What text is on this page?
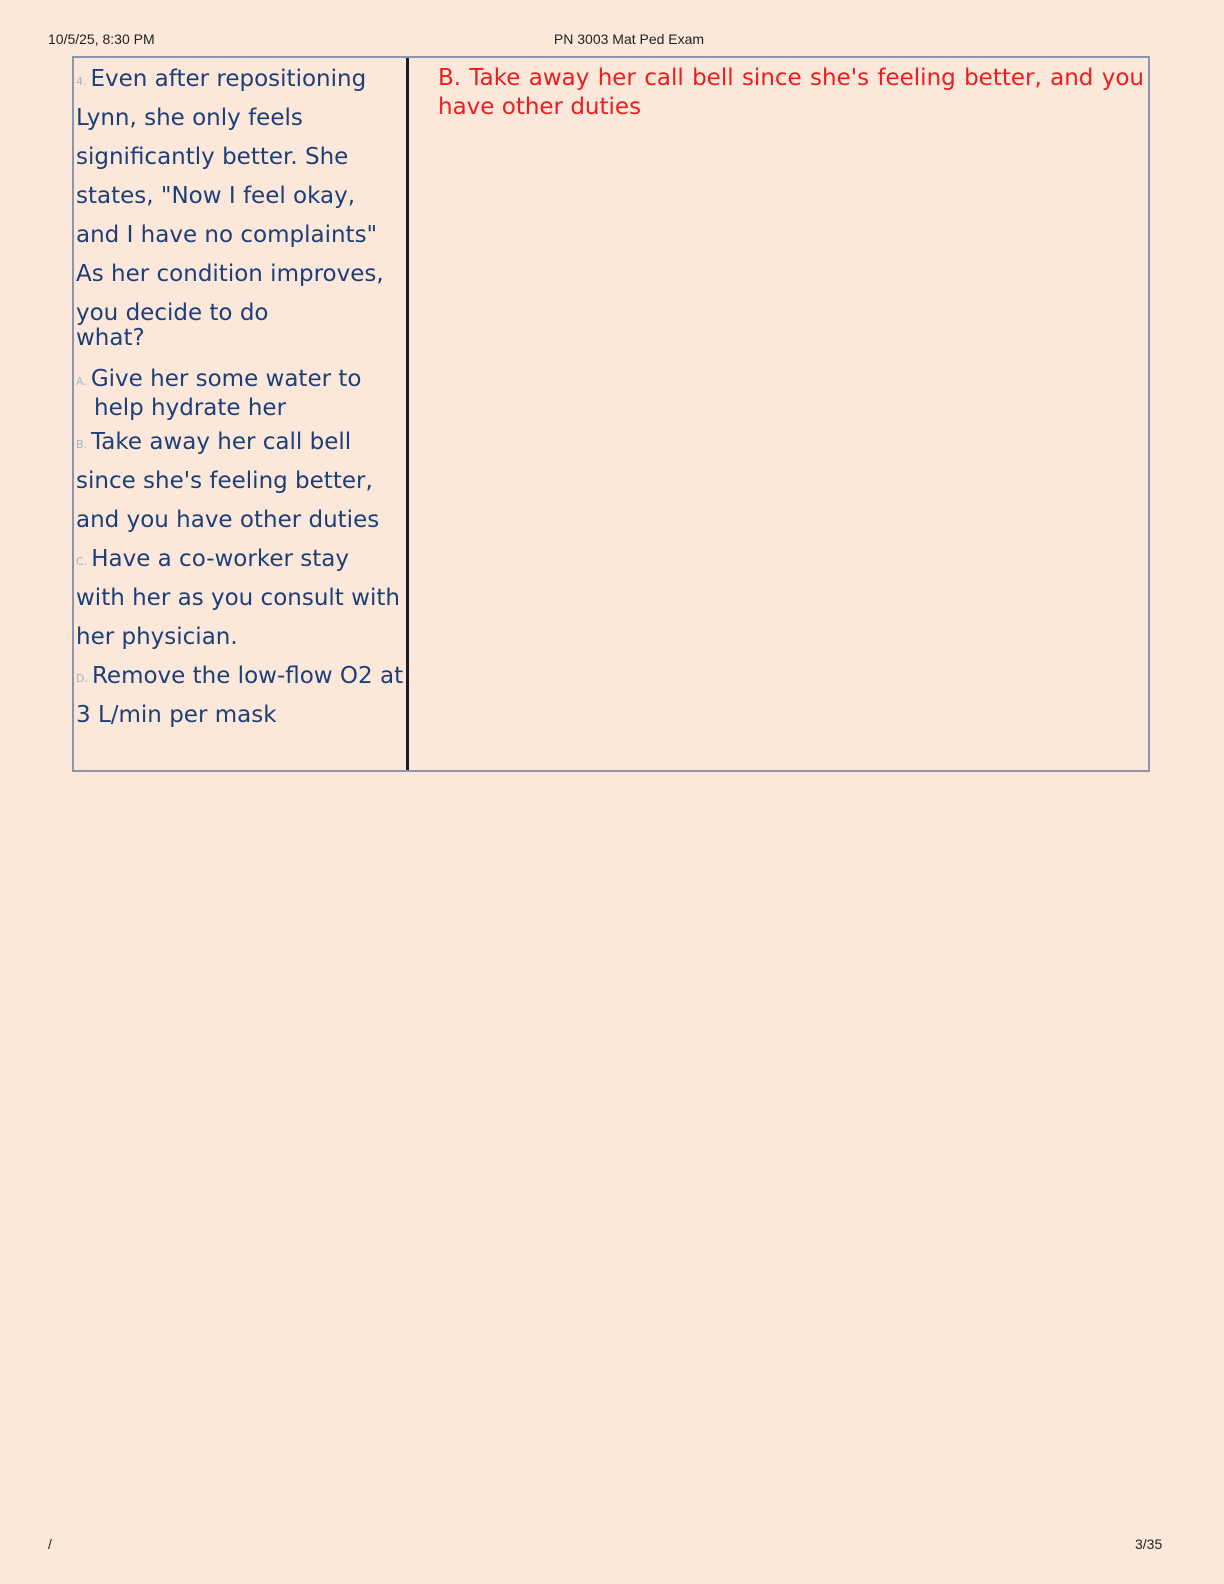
10/5/25, 8:30 PM	PN 3003 Mat Ped Exam

4. Even after repositioning Lynn, she only feels significantly better. She states, "Now I feel okay, and I have no complaints" As her condition improves, you decide to do

what?
A. Give her some water to help hydrate her
B. Take away her call bell since she's feeling better, and you have other duties
C. Have a co-worker stay with her as you consult with her physician.
D. Remove the low-flow O2 at 3 L/min per mask
B. Take away her call bell since she's feeling better, and you have other duties
/	3/35
